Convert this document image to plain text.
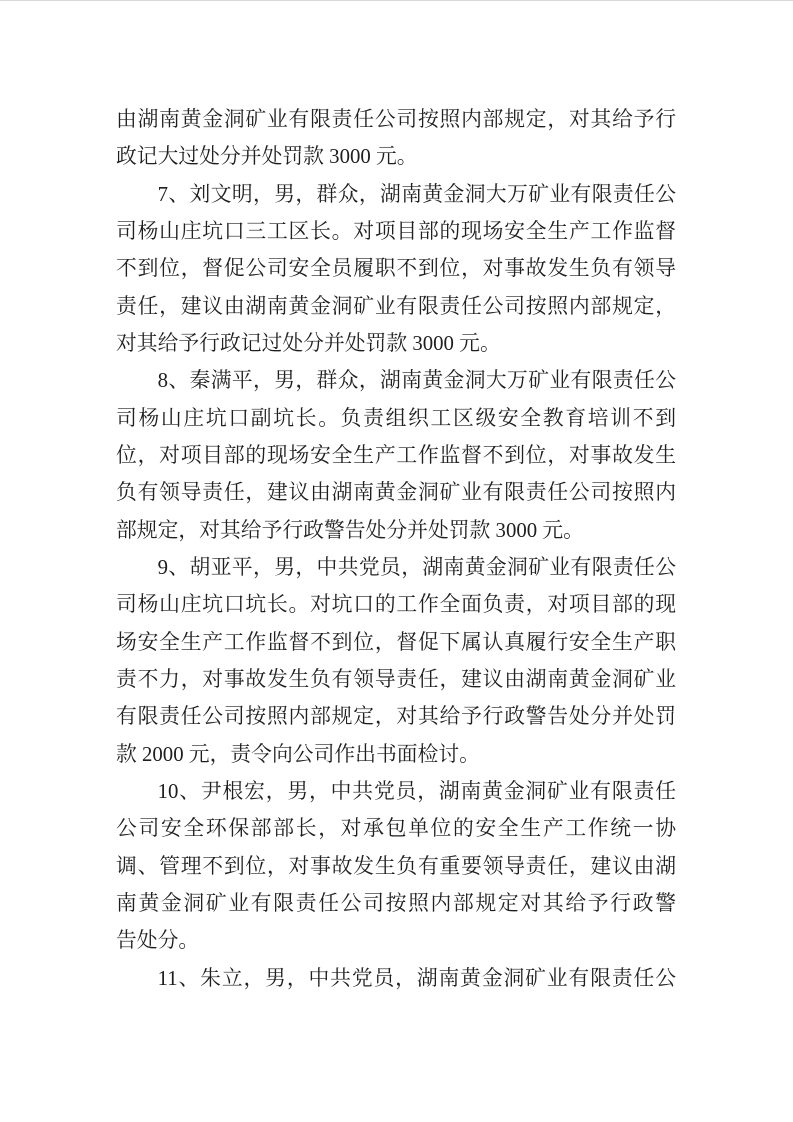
由湖南黄金洞矿业有限责任公司按照内部规定，对其给予行
政记大过处分并处罚款 3000 元。

7、刘文明，男，群众，湖南黄金洞大万矿业有限责任公
司杨山庄坑口三工区长。对项目部的现场安全生产工作监督
不到位，督促公司安全员履职不到位，对事故发生负有领导
责任，建议由湖南黄金洞矿业有限责任公司按照内部规定，
对其给予行政记过处分并处罚款 3000 元。

8、秦满平，男，群众，湖南黄金洞大万矿业有限责任公
司杨山庄坑口副坑长。负责组织工区级安全教育培训不到
位，对项目部的现场安全生产工作监督不到位，对事故发生
负有领导责任，建议由湖南黄金洞矿业有限责任公司按照内
部规定，对其给予行政警告处分并处罚款 3000 元。

9、胡亚平，男，中共党员，湖南黄金洞矿业有限责任公
司杨山庄坑口坑长。对坑口的工作全面负责，对项目部的现
场安全生产工作监督不到位，督促下属认真履行安全生产职
责不力，对事故发生负有领导责任，建议由湖南黄金洞矿业
有限责任公司按照内部规定，对其给予行政警告处分并处罚
款 2000 元，责令向公司作出书面检讨。

10、尹根宏，男，中共党员，湖南黄金洞矿业有限责任
公司安全环保部部长，对承包单位的安全生产工作统一协
调、管理不到位，对事故发生负有重要领导责任，建议由湖
南黄金洞矿业有限责任公司按照内部规定对其给予行政警
告处分。

11、朱立，男，中共党员，湖南黄金洞矿业有限责任公
